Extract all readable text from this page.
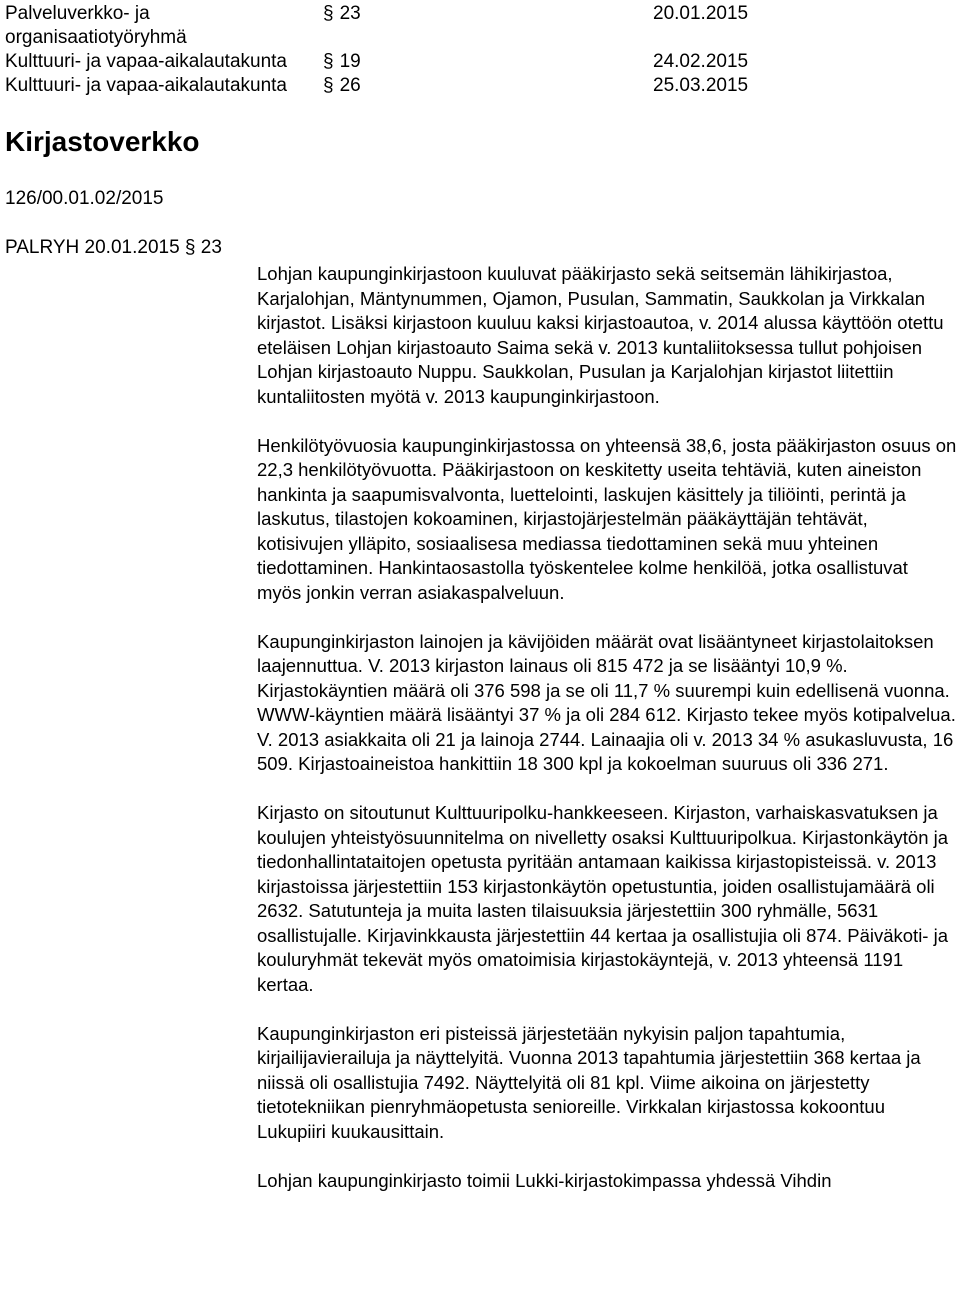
Palveluverkko- ja organisaatiotyöryhmä
§ 23	20.01.2015
Kulttuuri- ja vapaa-aikalautakunta § 19	24.02.2015
Kulttuuri- ja vapaa-aikalautakunta § 26	25.03.2015
Kirjastoverkko
126/00.01.02/2015
PALRYH 20.01.2015 § 23

Lohjan kaupunginkirjastoon kuuluvat pääkirjasto sekä seitsemän lähikirjastoa, Karjalohjan, Mäntynummen, Ojamon, Pusulan, Sammatin, Saukkolan ja Virkkalan kirjastot. Lisäksi kirjastoon kuuluu kaksi kirjastoautoa, v. 2014 alussa käyttöön otettu eteläisen Lohjan kirjastoauto Saima sekä v. 2013 kuntaliitoksessa tullut pohjoisen Lohjan kirjastoauto Nuppu. Saukkolan, Pusulan ja Karjalohjan kirjastot liitettiin kuntaliitosten myötä v. 2013 kaupunginkirjastoon.

Henkilötyövuosia kaupunginkirjastossa on yhteensä 38,6, josta pääkirjaston osuus on 22,3 henkilötyövuotta. Pääkirjastoon on keskitetty useita tehtäviä, kuten aineiston hankinta ja saapumisvalvonta, luettelointi, laskujen käsittely ja tiliöinti, perintä ja laskutus, tilastojen kokoaminen, kirjastojärjestelmän pääkäyttäjän tehtävät, kotisivujen ylläpito, sosiaalisesa mediassa tiedottaminen sekä muu yhteinen tiedottaminen. Hankintaosastolla työskentelee kolme henkilöä, jotka osallistuvat myös jonkin verran asiakaspalveluun.

Kaupunginkirjaston lainojen ja kävijöiden määrät ovat lisääntyneet kirjastolaitoksen laajennuttua. V. 2013 kirjaston lainaus oli 815 472 ja se lisääntyi 10,9 %. Kirjastokäyntien määrä oli 376 598 ja se oli 11,7 % suurempi kuin edellisenä vuonna. WWW-käyntien määrä lisääntyi 37 % ja oli 284 612. Kirjasto tekee myös kotipalvelua. V. 2013 asiakkaita oli 21 ja lainoja 2744. Lainaajia oli v. 2013 34 % asukasluvusta, 16 509. Kirjastoaineistoa hankittiin 18 300 kpl ja kokoelman suuruus oli 336 271.

Kirjasto on sitoutunut Kulttuuripolku-hankkeeseen. Kirjaston, varhaiskasvatuksen ja koulujen yhteistyösuunnitelma on nivelletty osaksi Kulttuuripolkua. Kirjastonkäytön ja tiedonhallintataitojen opetusta pyritään antamaan kaikissa kirjastopisteissä. v. 2013 kirjastoissa järjestettiin 153 kirjastonkäytön opetustuntia, joiden osallistujamäärä oli 2632. Satutunteja ja muita lasten tilaisuuksia järjestettiin 300 ryhmälle, 5631 osallistujalle. Kirjavinkkausta järjestettiin 44 kertaa ja osallistujia oli 874. Päiväkoti- ja kouluryhmät tekevät myös omatoimisia kirjastokäyntejä, v. 2013 yhteensä 1191 kertaa.

Kaupunginkirjaston eri pisteissä järjestetään nykyisin paljon tapahtumia, kirjailijavierailuja ja näyttelyitä. Vuonna 2013 tapahtumia järjestettiin 368 kertaa ja niissä oli osallistujia 7492. Näyttelyitä oli 81 kpl. Viime aikoina on järjestetty tietotekniikan pienryhmäopetusta senioreille. Virkkalan kirjastossa kokoontuu Lukupiiri kuukausittain.

Lohjan kaupunginkirjasto toimii Lukki-kirjastokimpassa yhdessä Vihdin
